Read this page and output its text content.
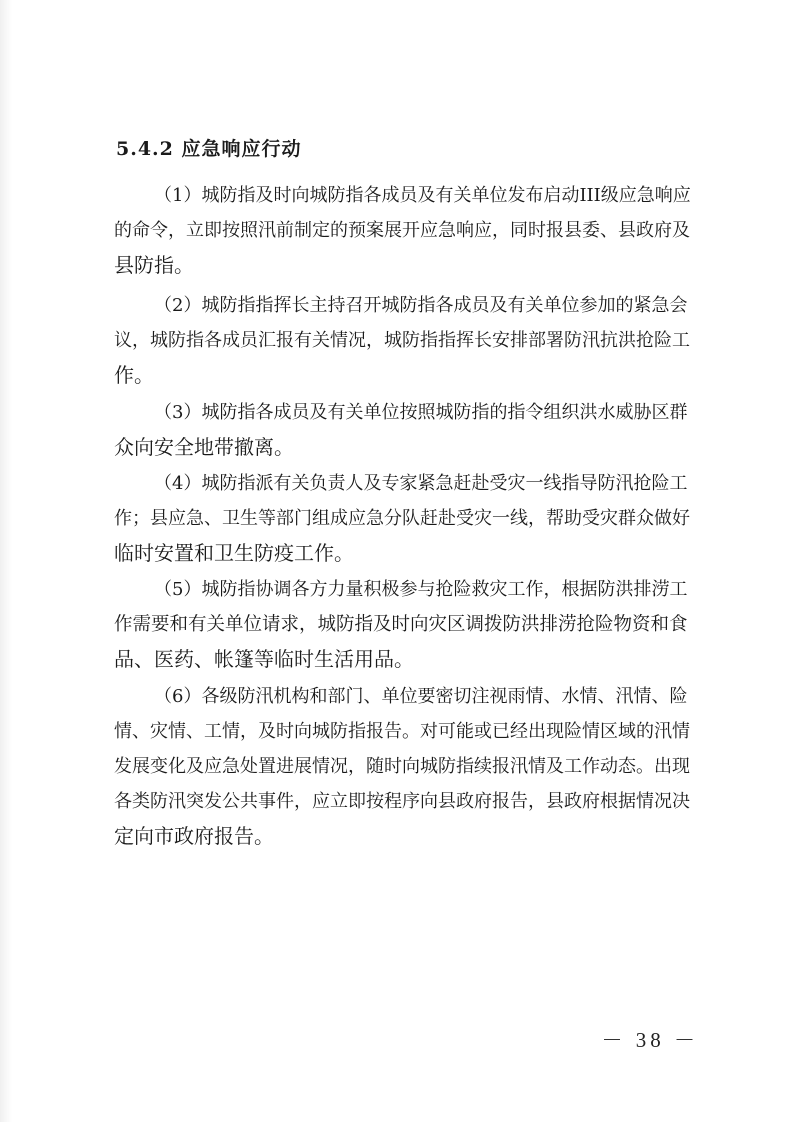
5.4.2 应急响应行动

（1）城防指及时向城防指各成员及有关单位发布启动III级应急响应
的命令，立即按照汛前制定的预案展开应急响应，同时报县委、县政府及
县防指。

（2）城防指指挥长主持召开城防指各成员及有关单位参加的紧急会
议，城防指各成员汇报有关情况，城防指指挥长安排部署防汛抗洪抢险工
作。

（3）城防指各成员及有关单位按照城防指的指令组织洪水威胁区群
众向安全地带撤离。

（4）城防指派有关负责人及专家紧急赶赴受灾一线指导防汛抢险工
作；县应急、卫生等部门组成应急分队赶赴受灾一线，帮助受灾群众做好
临时安置和卫生防疫工作。

（5）城防指协调各方力量积极参与抢险救灾工作，根据防洪排涝工
作需要和有关单位请求，城防指及时向灾区调拨防洪排涝抢险物资和食
品、医药、帐篷等临时生活用品。

（6）各级防汛机构和部门、单位要密切注视雨情、水情、汛情、险
情、灾情、工情，及时向城防指报告。对可能或已经出现险情区域的汛情
发展变化及应急处置进展情况，随时向城防指续报汛情及工作动态。出现
各类防汛突发公共事件，应立即按程序向县政府报告，县政府根据情况决
定向市政府报告。

－ 38 －
